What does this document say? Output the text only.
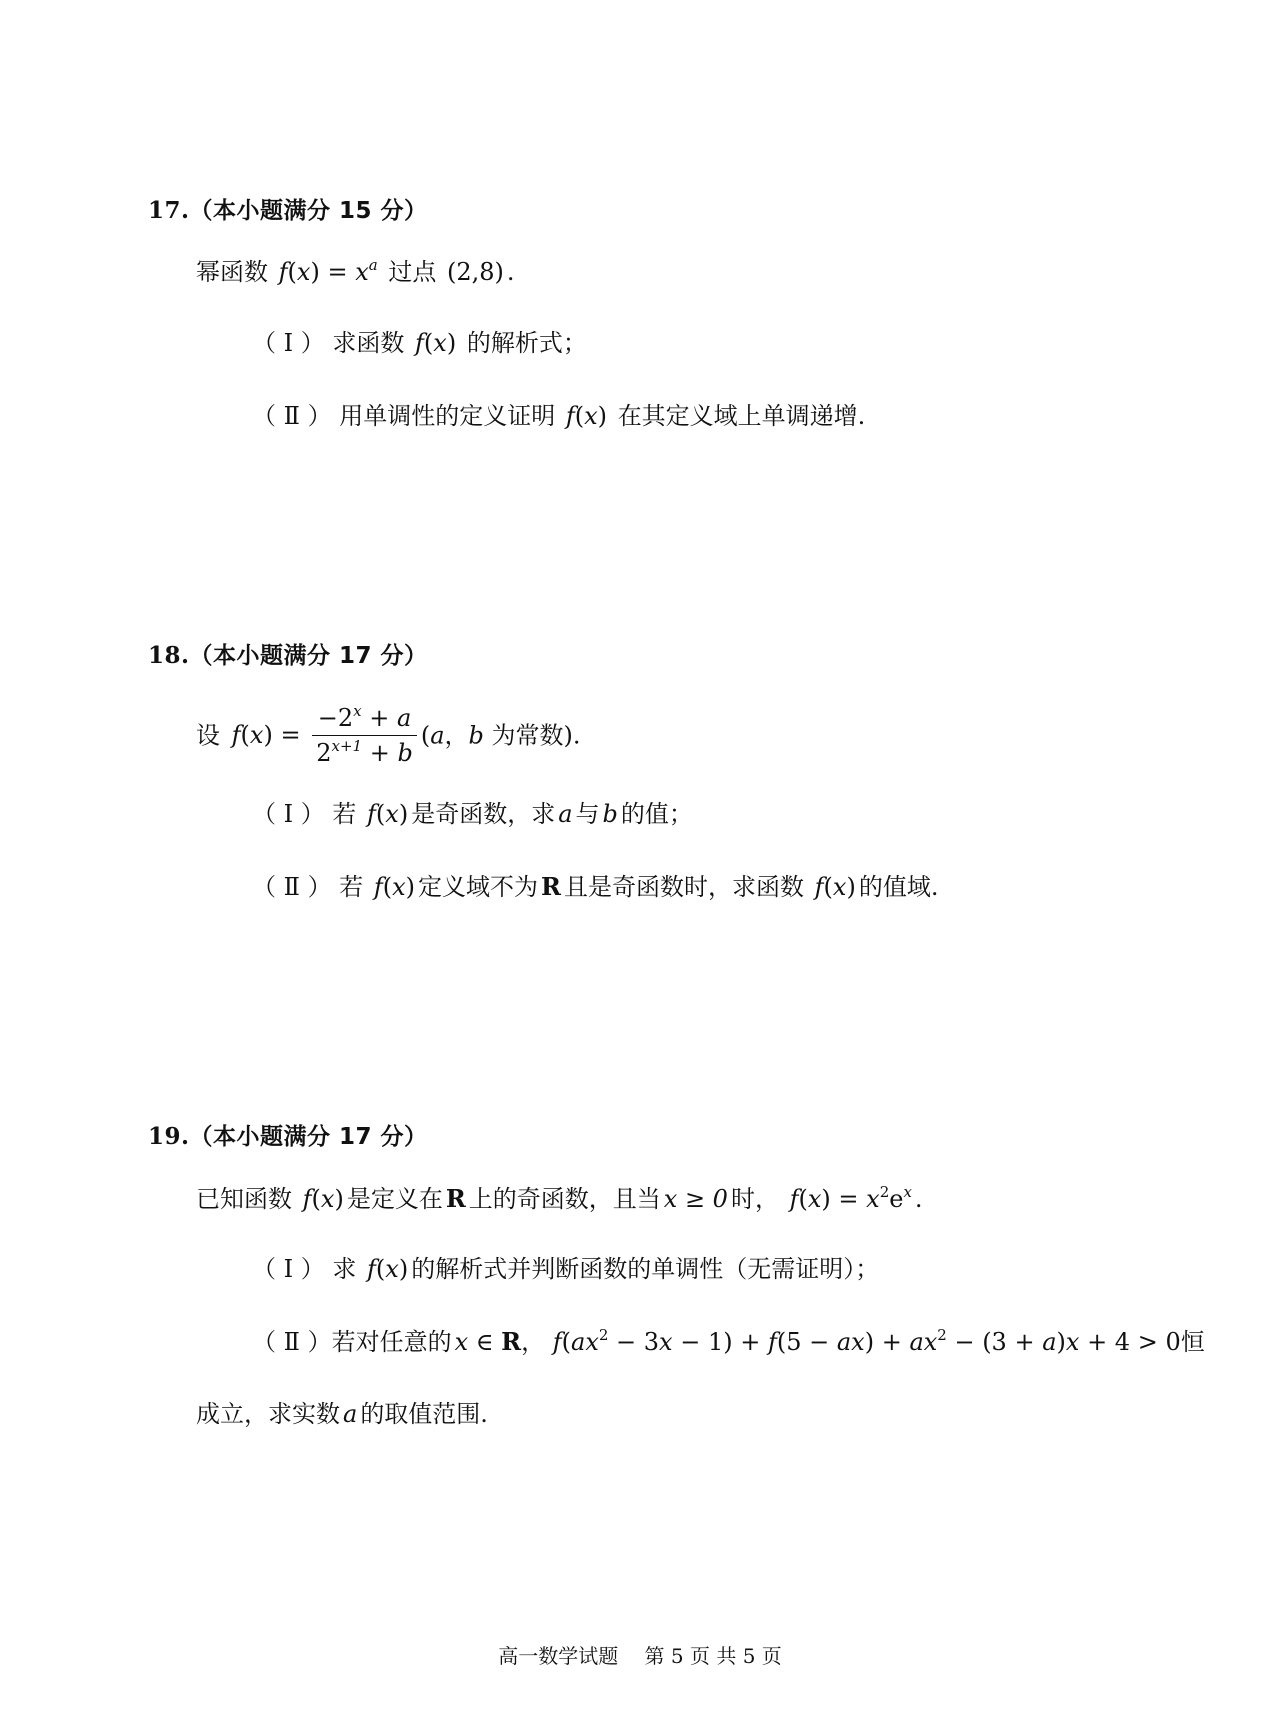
17.（本小题满分 15 分）
幂函数 $f(x) = x^a$ 过点 (2,8) .
（ Ⅰ ） 求函数 f(x) 的解析式；
（ Ⅱ ） 用单调性的定义证明 f(x) 在其定义域上单调递增.
18.（本小题满分 17 分）
设 $f(x) = \frac{-2^x + a}{2^{x+1} + b} (a$，b 为常数).
（ Ⅰ ） 若 f(x) 是奇函数，求 a 与 b 的值；
（ Ⅱ ） 若 f(x) 定义域不为 R 且是奇函数时，求函数 f(x) 的值域.
19.（本小题满分 17 分）
已知函数 f(x) 是定义在 R 上的奇函数，且当 x ≥ 0 时， $f(x) = x^2e^x$ .
（ Ⅰ ） 求 f(x) 的解析式并判断函数的单调性（无需证明）；
（ Ⅱ ）若对任意的 x ∈ R， $f(ax^2 - 3x - 1) + f(5 - ax) + ax^2 - (3 + a)x + 4 > 0$恒
成立，求实数 a 的取值范围.
高一数学试题　 第 5 页 共 5 页
